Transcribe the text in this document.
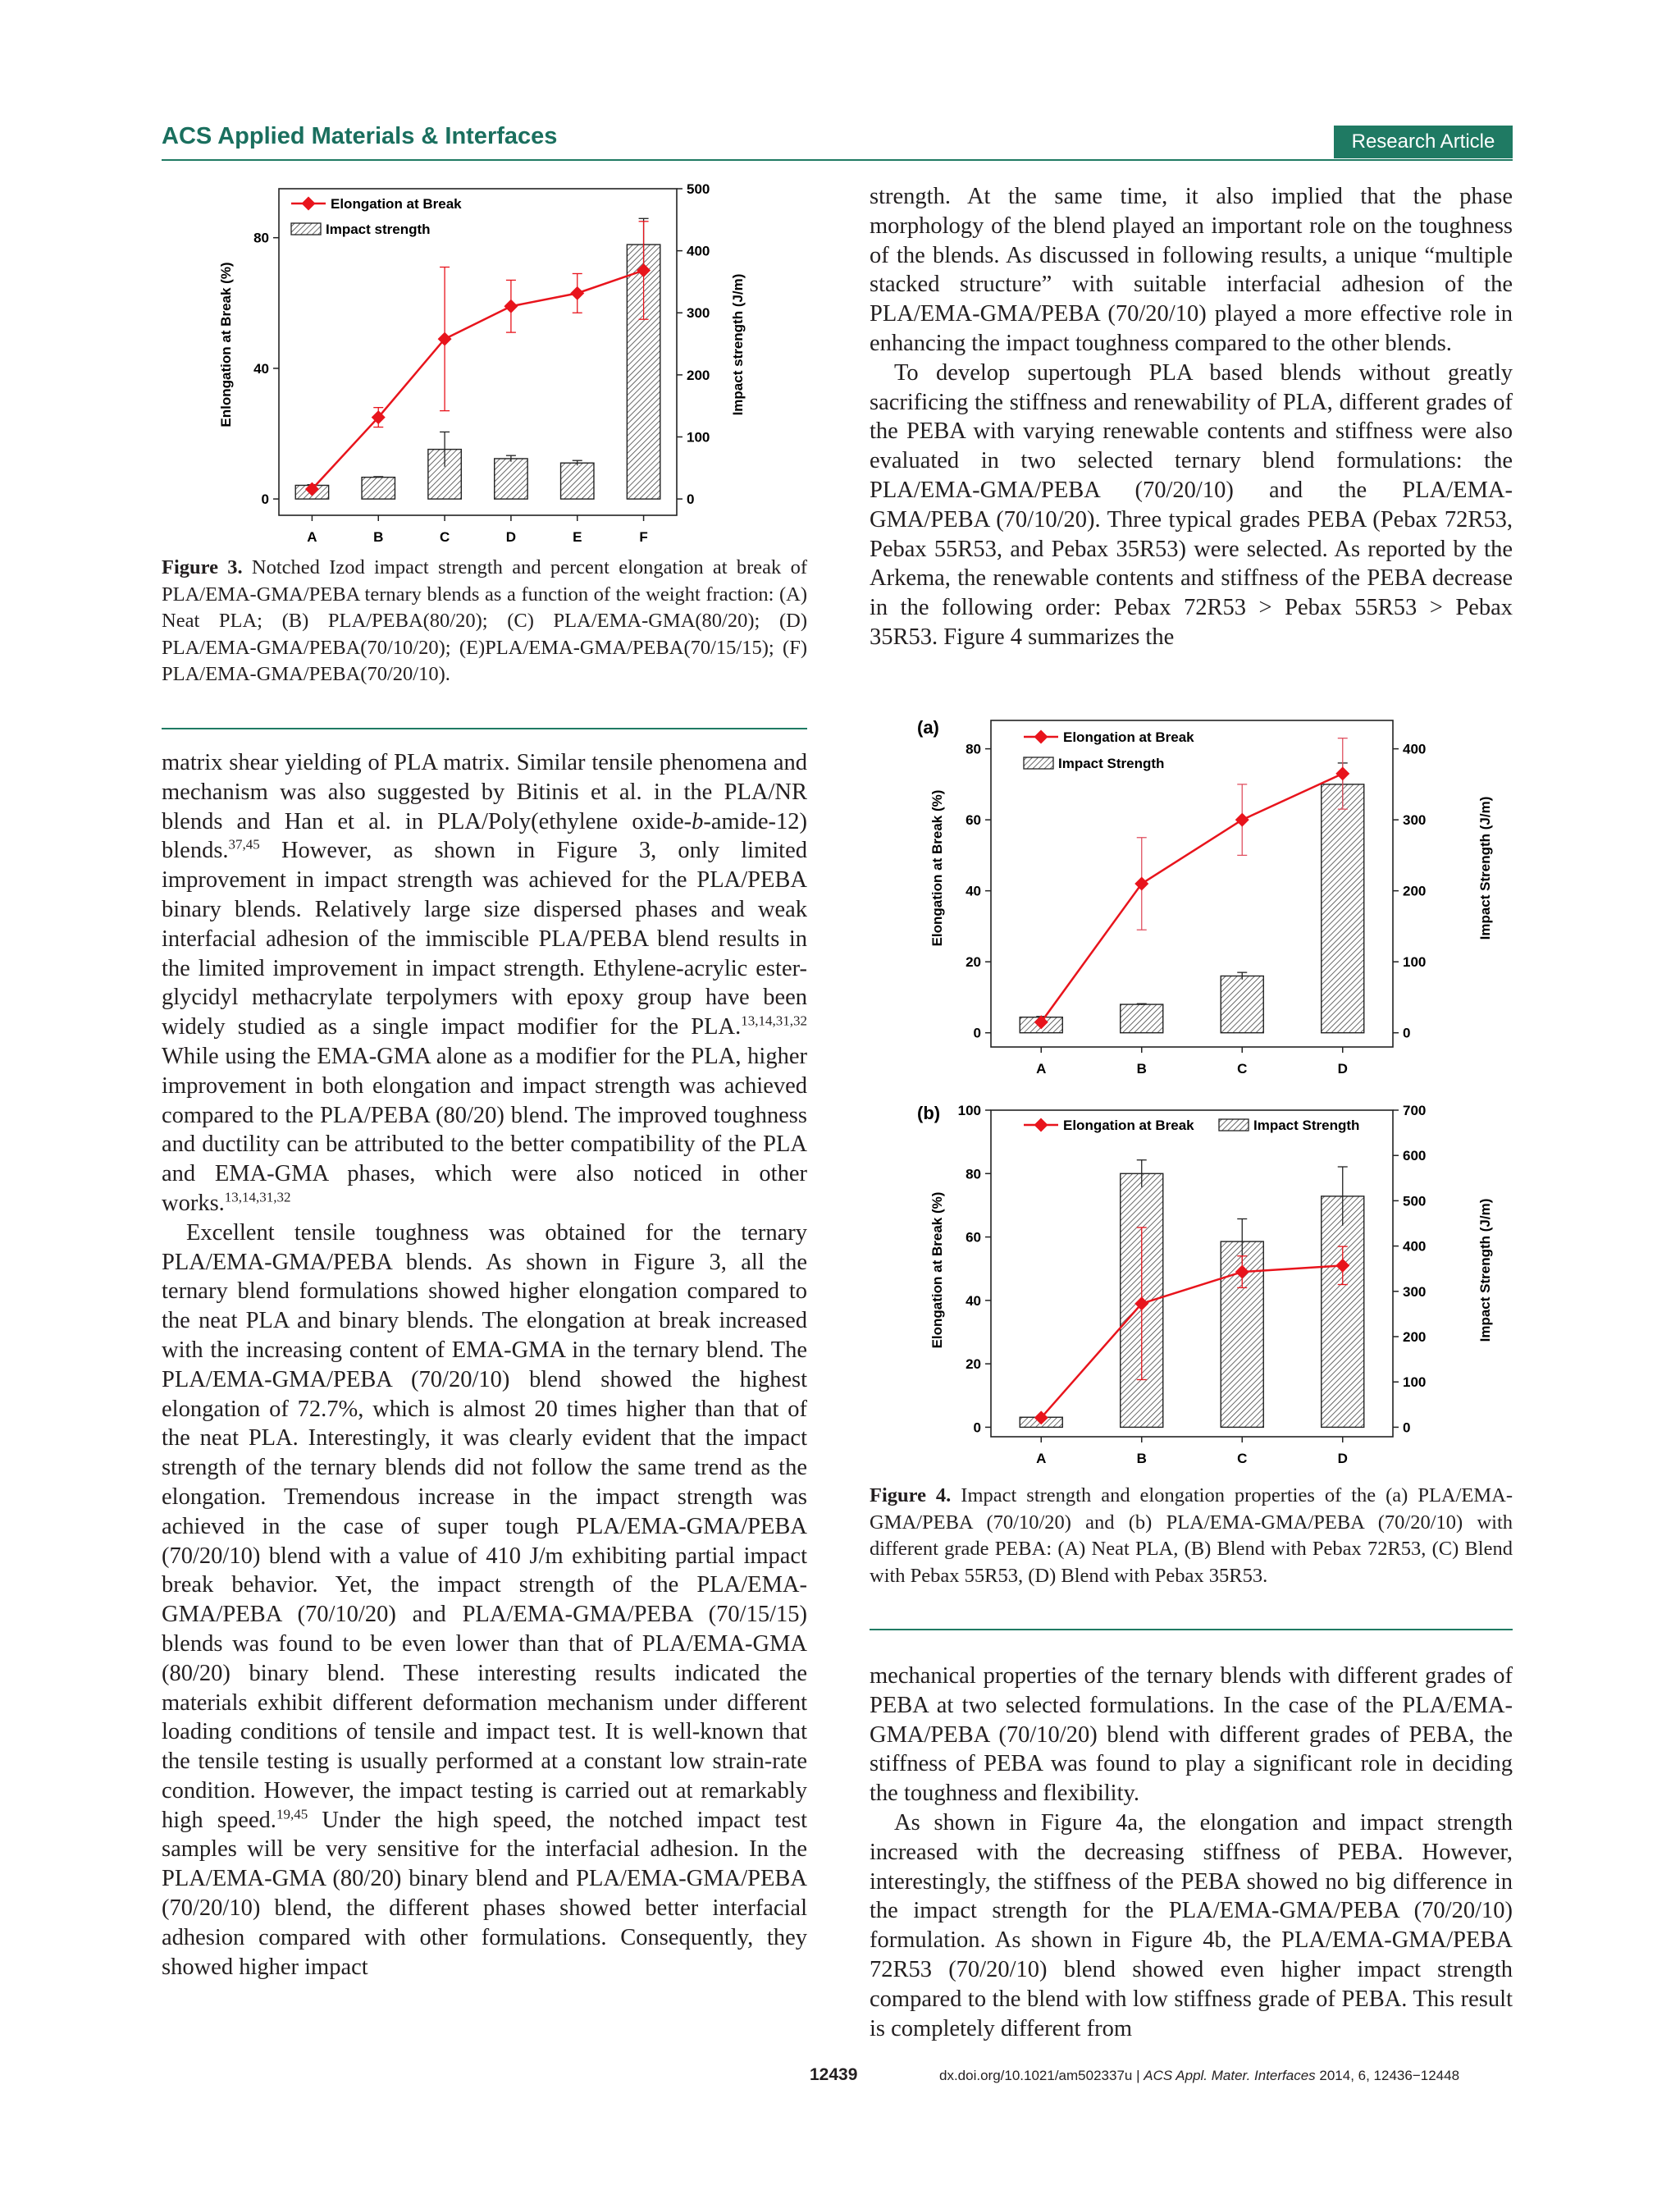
ACS Applied Materials & Interfaces	Research Article
0
40
80
0
100
200
300
400
500
A	B	C	D	E	F
Enlongation at Break (%)	Impact strength (J/m)
Elongation at Break
Impact strength
Figure 3. Notched Izod impact strength and percent elongation at break of PLA/EMA-GMA/PEBA ternary blends as a function of the weight fraction: (A) Neat PLA; (B) PLA/PEBA(80/20); (C) PLA/EMA-GMA(80/20); (D) PLA/EMA-GMA/PEBA(70/10/20); (E)PLA/EMA-GMA/PEBA(70/15/15); (F) PLA/EMA-GMA/PEBA(70/20/10).

matrix shear yielding of PLA matrix. Similar tensile phenomena and mechanism was also suggested by Bitinis et al. in the PLA/NR blends and Han et al. in PLA/Poly(ethylene oxide-b-amide-12) blends.$^{37,45}$ However, as shown in Figure 3, only limited improvement in impact strength was achieved for the PLA/PEBA binary blends. Relatively large size dispersed phases and weak interfacial adhesion of the immiscible PLA/PEBA blend results in the limited improvement in impact strength. Ethylene-acrylic ester-glycidyl methacrylate terpolymers with epoxy group have been widely studied as a single impact modifier for the PLA.$^{13,14,31,32}$ While using the EMA-GMA alone as a modifier for the PLA, higher improvement in both elongation and impact strength was achieved compared to the PLA/PEBA (80/20) blend. The improved toughness and ductility can be attributed to the better compatibility of the PLA and EMA-GMA phases, which were also noticed in other works.$^{13,14,31,32}$

Excellent tensile toughness was obtained for the ternary PLA/EMA-GMA/PEBA blends. As shown in Figure 3, all the ternary blend formulations showed higher elongation compared to the neat PLA and binary blends. The elongation at break increased with the increasing content of EMA-GMA in the ternary blend. The PLA/EMA-GMA/PEBA (70/20/10) blend showed the highest elongation of 72.7%, which is almost 20 times higher than that of the neat PLA. Interestingly, it was clearly evident that the impact strength of the ternary blends did not follow the same trend as the elongation. Tremendous increase in the impact strength was achieved in the case of super tough PLA/EMA-GMA/PEBA (70/20/10) blend with a value of 410 J/m exhibiting partial impact break behavior. Yet, the impact strength of the PLA/EMA-GMA/PEBA (70/10/20) and PLA/EMA-GMA/PEBA (70/15/15) blends was found to be even lower than that of PLA/EMA-GMA (80/20) binary blend. These interesting results indicated the materials exhibit different deformation mechanism under different loading conditions of tensile and impact test. It is well-known that the tensile testing is usually performed at a constant low strain-rate condition. However, the impact testing is carried out at remarkably high speed.$^{19,45}$ Under the high speed, the notched impact test samples will be very sensitive for the interfacial adhesion. In the PLA/EMA-GMA (80/20) binary blend and PLA/EMA-GMA/PEBA (70/20/10) blend, the different phases showed better interfacial adhesion compared with other formulations. Consequently, they showed higher impact

strength. At the same time, it also implied that the phase morphology of the blend played an important role on the toughness of the blends. As discussed in following results, a unique “multiple stacked structure” with suitable interfacial adhesion of the PLA/EMA-GMA/PEBA (70/20/10) played a more effective role in enhancing the impact toughness compared to the other blends.

To develop supertough PLA based blends without greatly sacrificing the stiffness and renewability of PLA, different grades of the PEBA with varying renewable contents and stiffness were also evaluated in two selected ternary blend formulations: the PLA/EMA-GMA/PEBA (70/20/10) and the PLA/EMA-GMA/PEBA (70/10/20). Three typical grades PEBA (Pebax 72R53, Pebax 55R53, and Pebax 35R53) were selected. As reported by the Arkema, the renewable contents and stiffness of the PEBA decrease in the following order: Pebax 72R53 > Pebax 55R53 > Pebax 35R53. Figure 4 summarizes the

(a)
0
20
40
60
80
0
100
200
300
400
A	B	C	D
Elongation at Break (%)	Impact Strength (J/m)
Elongation at Break
Impact Strength
(b)
0
20
40
60
80
100
0
100
200
300
400
500
600
700
A	B	C	D
Elongation at Break (%)	Impact Strength (J/m)
Elongation at Break	Impact Strength
Figure 4. Impact strength and elongation properties of the (a) PLA/EMA-GMA/PEBA (70/10/20) and (b) PLA/EMA-GMA/PEBA (70/20/10) with different grade PEBA: (A) Neat PLA, (B) Blend with Pebax 72R53, (C) Blend with Pebax 55R53, (D) Blend with Pebax 35R53.

mechanical properties of the ternary blends with different grades of PEBA at two selected formulations. In the case of the PLA/EMA-GMA/PEBA (70/10/20) blend with different grades of PEBA, the stiffness of PEBA was found to play a significant role in deciding the toughness and flexibility.

As shown in Figure 4a, the elongation and impact strength increased with the decreasing stiffness of PEBA. However, interestingly, the stiffness of the PEBA showed no big difference in the impact strength for the PLA/EMA-GMA/PEBA (70/20/10) formulation. As shown in Figure 4b, the PLA/EMA-GMA/PEBA 72R53 (70/20/10) blend showed even higher impact strength compared to the blend with low stiffness grade of PEBA. This result is completely different from

12439	dx.doi.org/10.1021/am502337u | ACS Appl. Mater. Interfaces 2014, 6, 12436−12448
